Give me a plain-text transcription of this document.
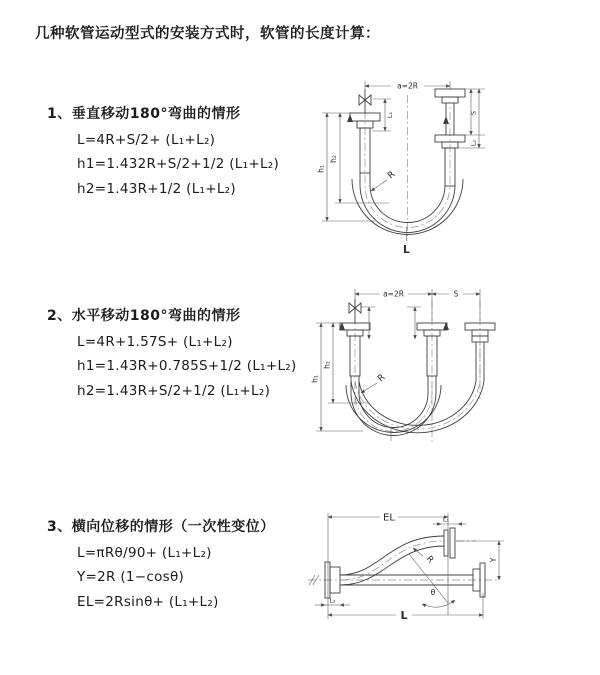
几种软管运动型式的安装方式时，软管的长度计算：
1、垂直移动180°弯曲的情形
L=4R+S/2+ (L₁+L₂)
h1=1.432R+S/2+1/2 (L₁+L₂)
h2=1.43R+1/2 (L₁+L₂)
a=2R
h₂
h₁
L₁	S
L₂
R
L
2、水平移动180°弯曲的情形
L=4R+1.57S+ (L₁+L₂)
h1=1.43R+0.785S+1/2 (L₁+L₂)
h2=1.43R+S/2+1/2 (L₁+L₂)
a=2R	S
h₂
h₁	R
3、横向位移的情形（一次性变位）
L=πRθ/90+ (L₁+L₂)
Y=2R (1−cosθ)
EL=2Rsinθ+ (L₁+L₂)
EL	L₁
Y
θ
L
L₂
R
